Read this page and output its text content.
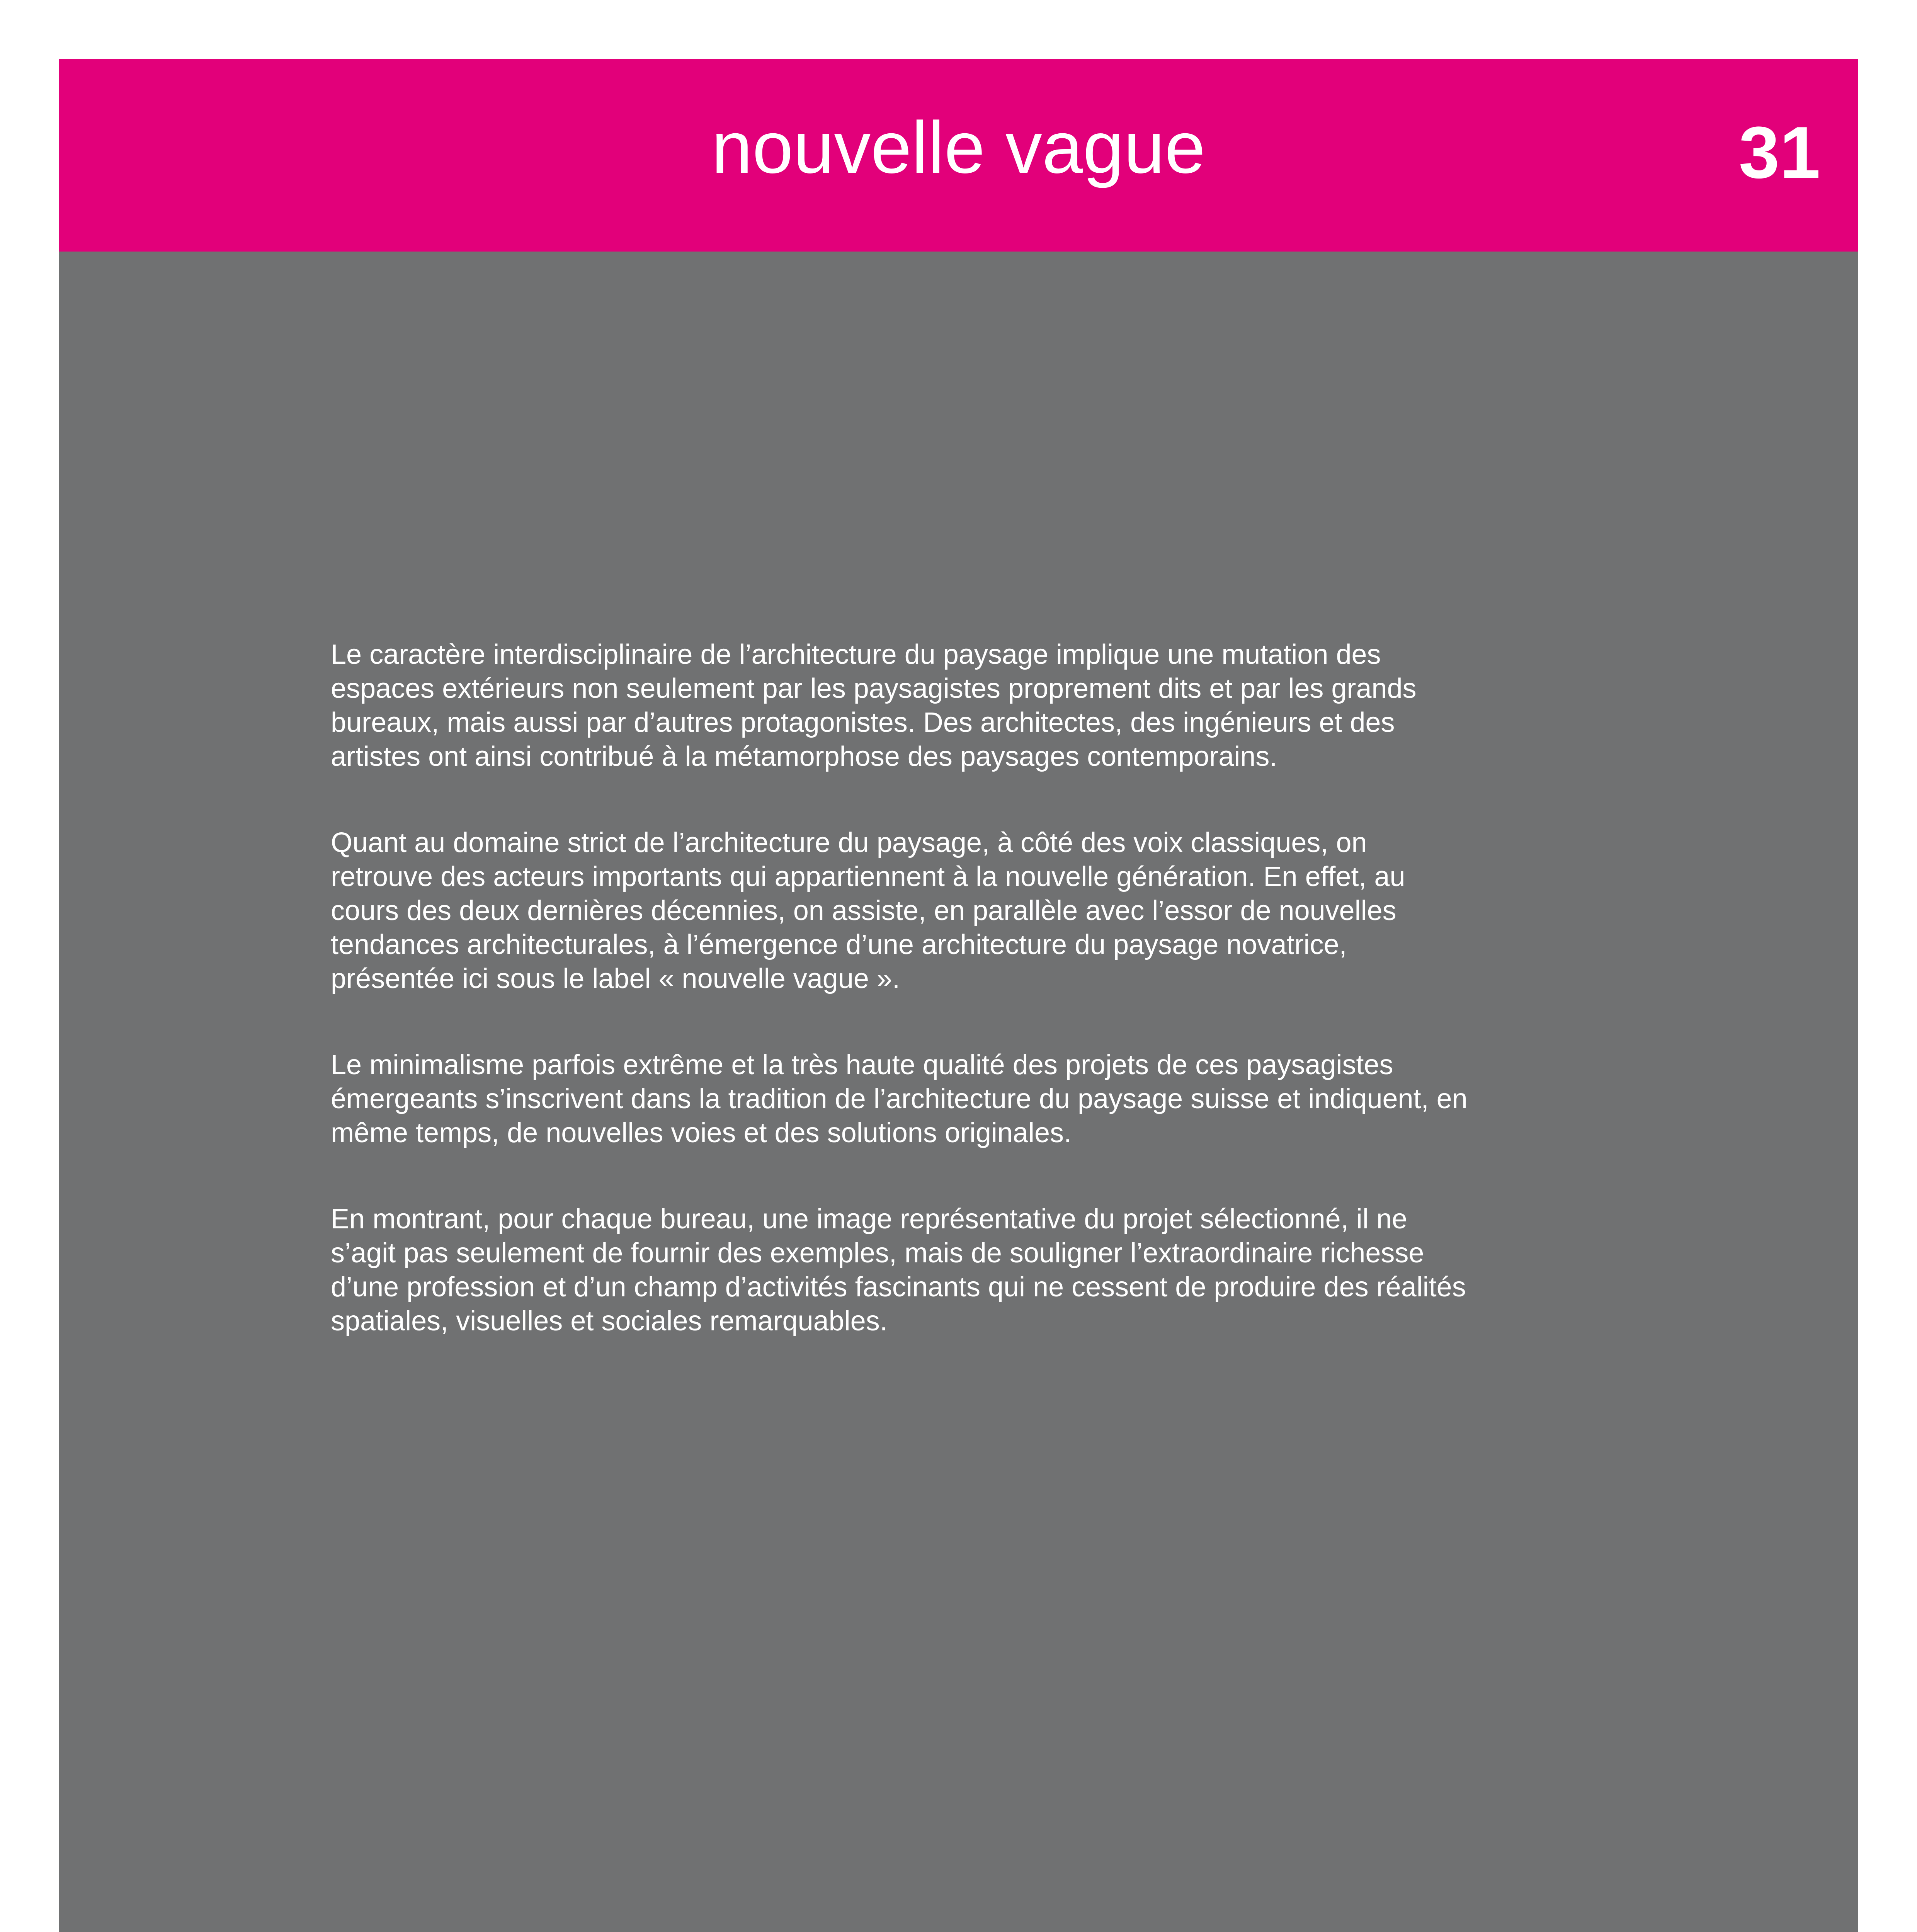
nouvelle vague	31

Le caractère interdisciplinaire de l’architecture du paysage implique une mutation des espaces extérieurs non seulement par les paysagistes proprement dits et par les grands bureaux, mais aussi par d’autres protagonistes. Des architectes, des ingénieurs et des artistes ont ainsi contribué à la métamorphose des paysages contemporains.

Quant au domaine strict de l’architecture du paysage, à côté des voix classiques, on retrouve des acteurs importants qui appartiennent à la nouvelle génération. En effet, au cours des deux dernières décennies, on assiste, en parallèle avec l’essor de nouvelles tendances architecturales, à l’émergence d’une architecture du paysage novatrice, présentée ici sous le label « nouvelle vague ».

Le minimalisme parfois extrême et la très haute qualité des projets de ces paysagistes émergeants s’inscrivent dans la tradition de l’architecture du paysage suisse et indiquent, en même temps, de nouvelles voies et des solutions originales.

En montrant, pour chaque bureau, une image représentative du projet sélectionné, il ne s’agit pas seulement de fournir des exemples, mais de souligner l’extraordinaire richesse d’une profession et d’un champ d’activités fascinants qui ne cessent de produire des réalités spatiales, visuelles et sociales remarquables.
